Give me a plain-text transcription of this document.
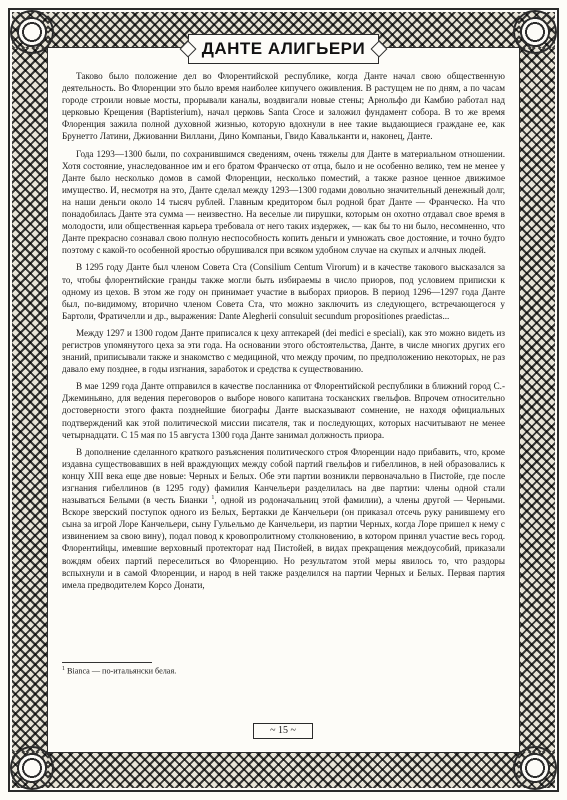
ДАНТЕ АЛИГЬЕРИ

Таково было положение дел во Флорентийской республике, когда Данте начал свою общественную деятельность. Во Флоренции это было время наиболее кипучего оживления. В растущем не по дням, а по часам городе строили новые мосты, прорывали каналы, воздвигали новые стены; Арнольфо ди Камбио работал над церковью Крещения (Baptisterium), начал церковь Santa Croce и заложил фундамент собора. В то же время Флоренция зажила полной духовной жизнью, которую вдохнули в нее такие выдающиеся граждане ее, как Брунетто Латини, Джиованни Виллани, Дино Компаньи, Гвидо Кавальканти и, наконец, Данте.

Годa 1293—1300 были, по сохранившимся сведениям, очень тяжелы для Данте в материальном отношении. Хотя состояние, унаследованное им и его братом Франческо от отца, было и не особенно велико, тем не менее у Данте было несколько домов в самой Флоренции, несколько поместий, а также разное ценное движимое имущество. И, несмотря на это, Данте сделал между 1293—1300 годами довольно значительный денежный долг, на наши деньги около 14 тысяч рублей. Главным кредитором был родной брат Данте — Франческо. На что понадобилась Данте эта сумма — неизвестно. На веселые ли пирушки, которым он охотно отдавал свое время в молодости, или общественная карьера требовала от него таких издержек, — как бы то ни было, несомненно, что Данте прекрасно сознавал свою полную неспособность копить деньги и умножать свое достояние, и точно будто поэтому с какой-то особенной яростью обрушивался при всяком удобном случае на скупых и алчных людей.

В 1295 году Данте был членом Совета Ста (Consilium Centum Virorum) и в качестве такового высказался за то, чтобы флорентийские гранды также могли быть избираемы в число приоров, под условием приписки к одному из цехов. В этом же году он принимает участие в выборах приоров. В период 1296—1297 года Данте был, по-видимому, вторично членом Совета Ста, что можно заключить из следующего, встречающегося у Бартоли, Фратичелли и др., выражения: Dante Alegherii consuluit secundum propositiones praedictas...

Между 1297 и 1300 годом Данте приписался к цеху аптекарей (dei medici e speciali), как это можно видеть из регистров упомянутого цеха за эти года. На основании этого обстоятельства, Данте, в числе многих других его знаний, приписывали также и знакомство с медициной, что между прочим, по предположению некоторых, не раз давало ему позднее, в годы изгнания, заработок и средства к существованию.

В мае 1299 года Данте отправился в качестве посланника от Флорентийской республики в ближний город С.-Джеминьяно, для ведения переговоров о выборе нового капитана тосканских гвельфов. Впрочем относительно достоверности этого факта позднейшие биографы Данте высказывают сомнение, не находя официальных подтверждений как этой политической миссии писателя, так и последующих, которых насчитывают не менее четырнадцати. С 15 мая по 15 августа 1300 года Данте занимал должность приора.

В дополнение сделанного краткого разъяснения политического строя Флоренции надо прибавить, что, кроме издавна существовавших в ней враждующих между собой партий гвельфов и гибеллинов, в ней образовались к концу XIII века еще две новые: Черных и Белых. Обе эти партии возникли первоначально в Пистойе, где после изгнания гибеллинов (в 1295 году) фамилия Канчельери разделилась на две партии: члены одной стали называться Белыми (в честь Бианки $^1$, одной из родоначальниц этой фамилии), а члены другой — Черными. Вскоре зверский поступок одного из Белых, Бертакки де Канчельери (он приказал отсечь руку ранившему его сына за игрой Лоре Канчельери, сыну Гульельмо де Канчельери, из партии Черных, когда Лоре пришел к нему с извинением за свою вину), подал повод к кровопролитному столкновению, в котором принял участие весь город. Флорентийцы, имевшие верховный протекторат над Пистойей, в видах прекращения междоусобий, приказали вождям обеих партий переселиться во Флоренцию. Но результатом этой меры явилось то, что раздоры вспыхнули и в самой Флоренции, и народ в ней также разделился на партии Черных и Белых. Первая партия имела предводителем Корсо Донати,

$^1$ Bianca — по-итальянски белая.
~ 15 ~
